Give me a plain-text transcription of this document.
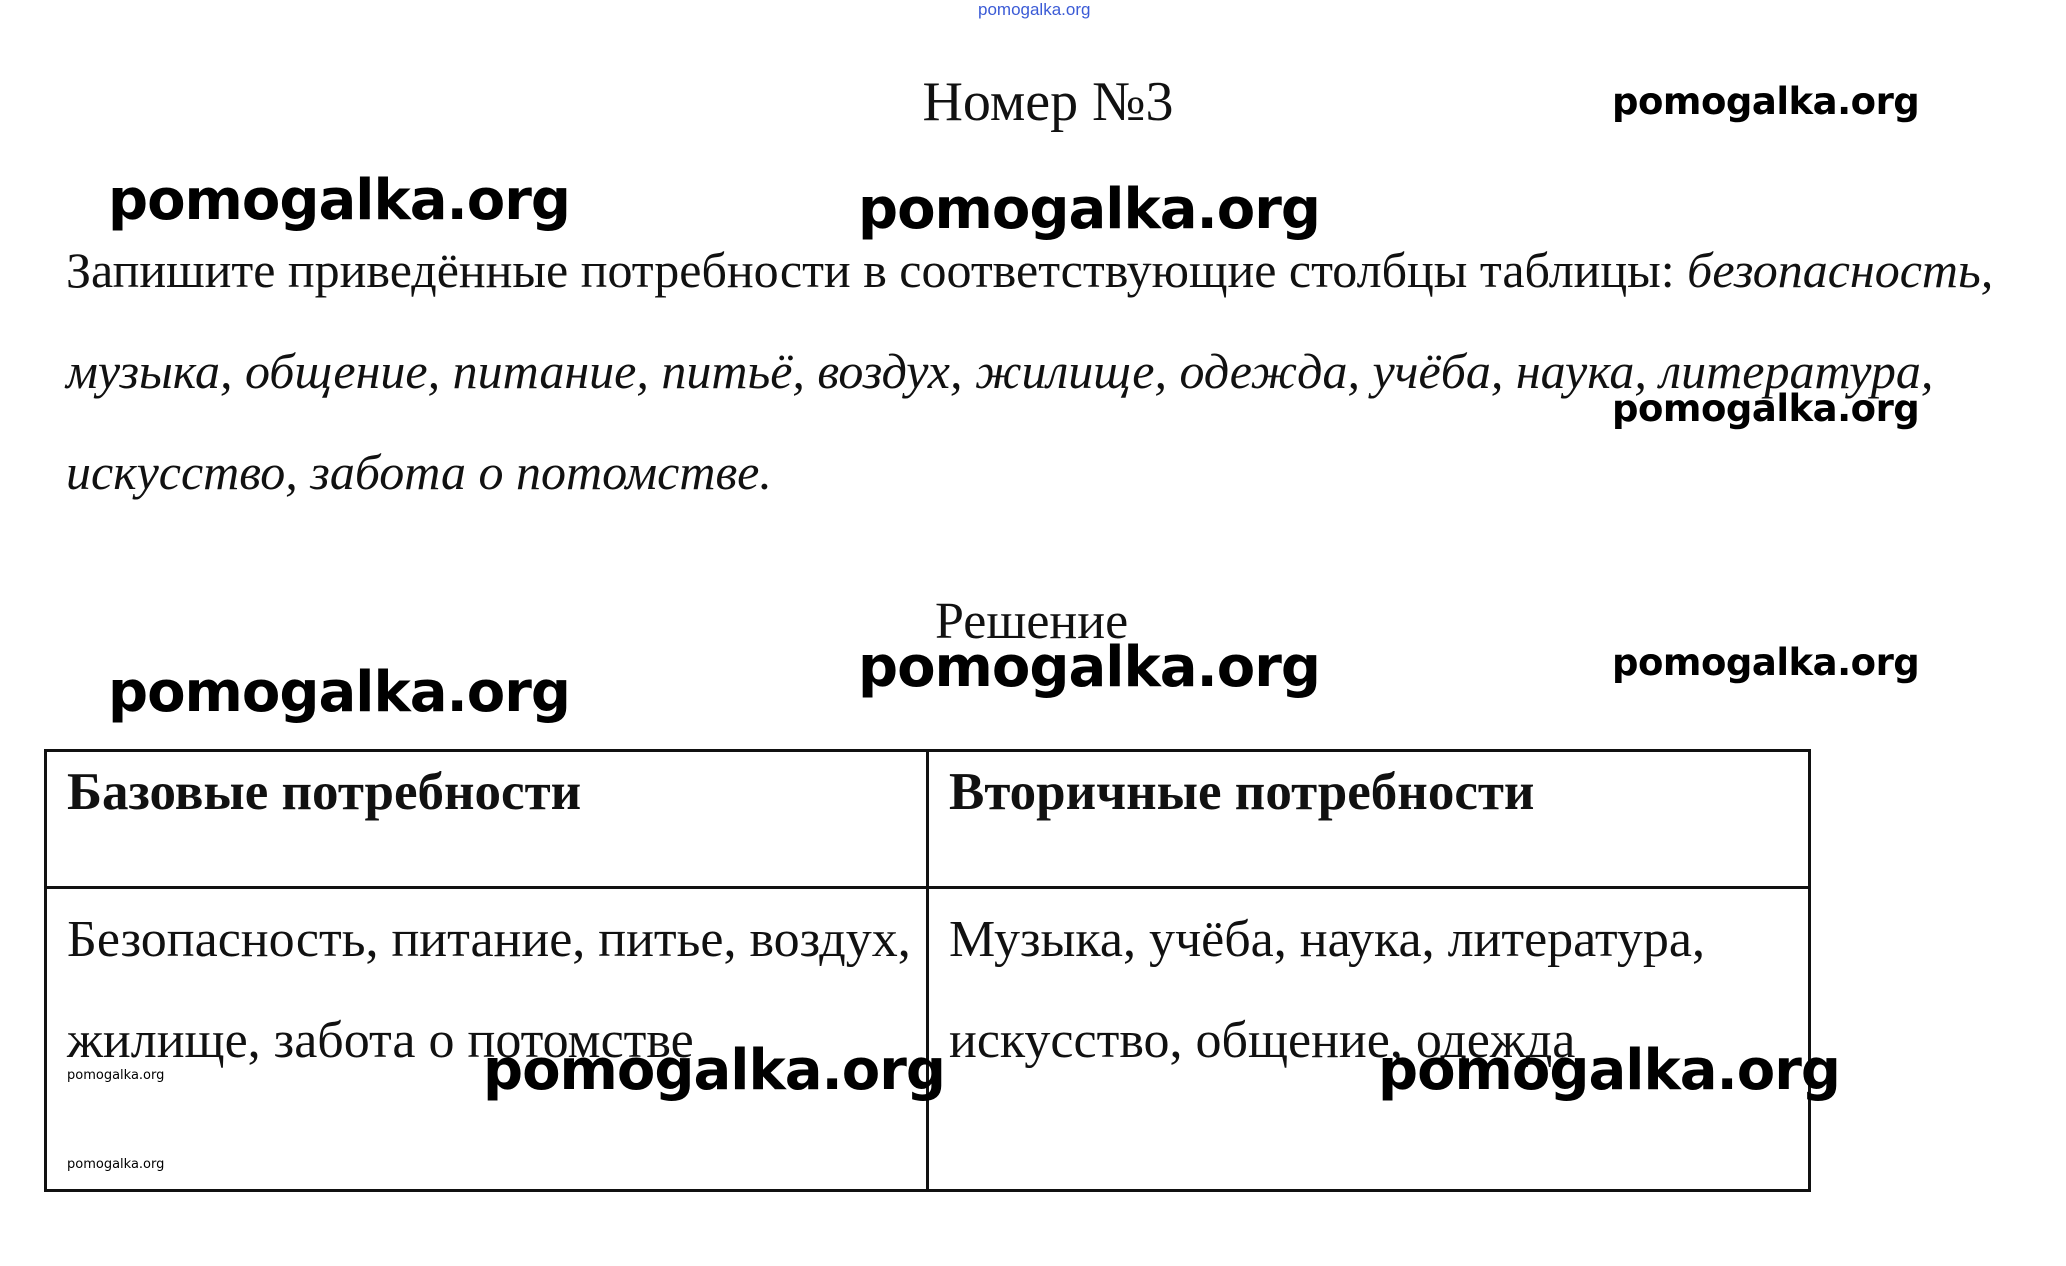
pomogalka.org
Номер №3
Запишите приведённые потребности в соответствующие столбцы таблицы: безопасность, музыка, общение, питание, питьё, воздух, жилище, одежда, учёба, наука, литература, искусство, забота о потомстве.
Решение
Базовые потребности	Вторичные потребности
Безопасность, питание, питье, воздух, жилище, забота о потомстве	Музыка, учёба, наука, литература, искусство, общение, одежда
pomogalka.org
pomogalka.org	pomogalka.org
pomogalka.org
pomogalka.org	pomogalka.org
pomogalka.org
pomogalka.org	pomogalka.org
pomogalka.org
pomogalka.org
